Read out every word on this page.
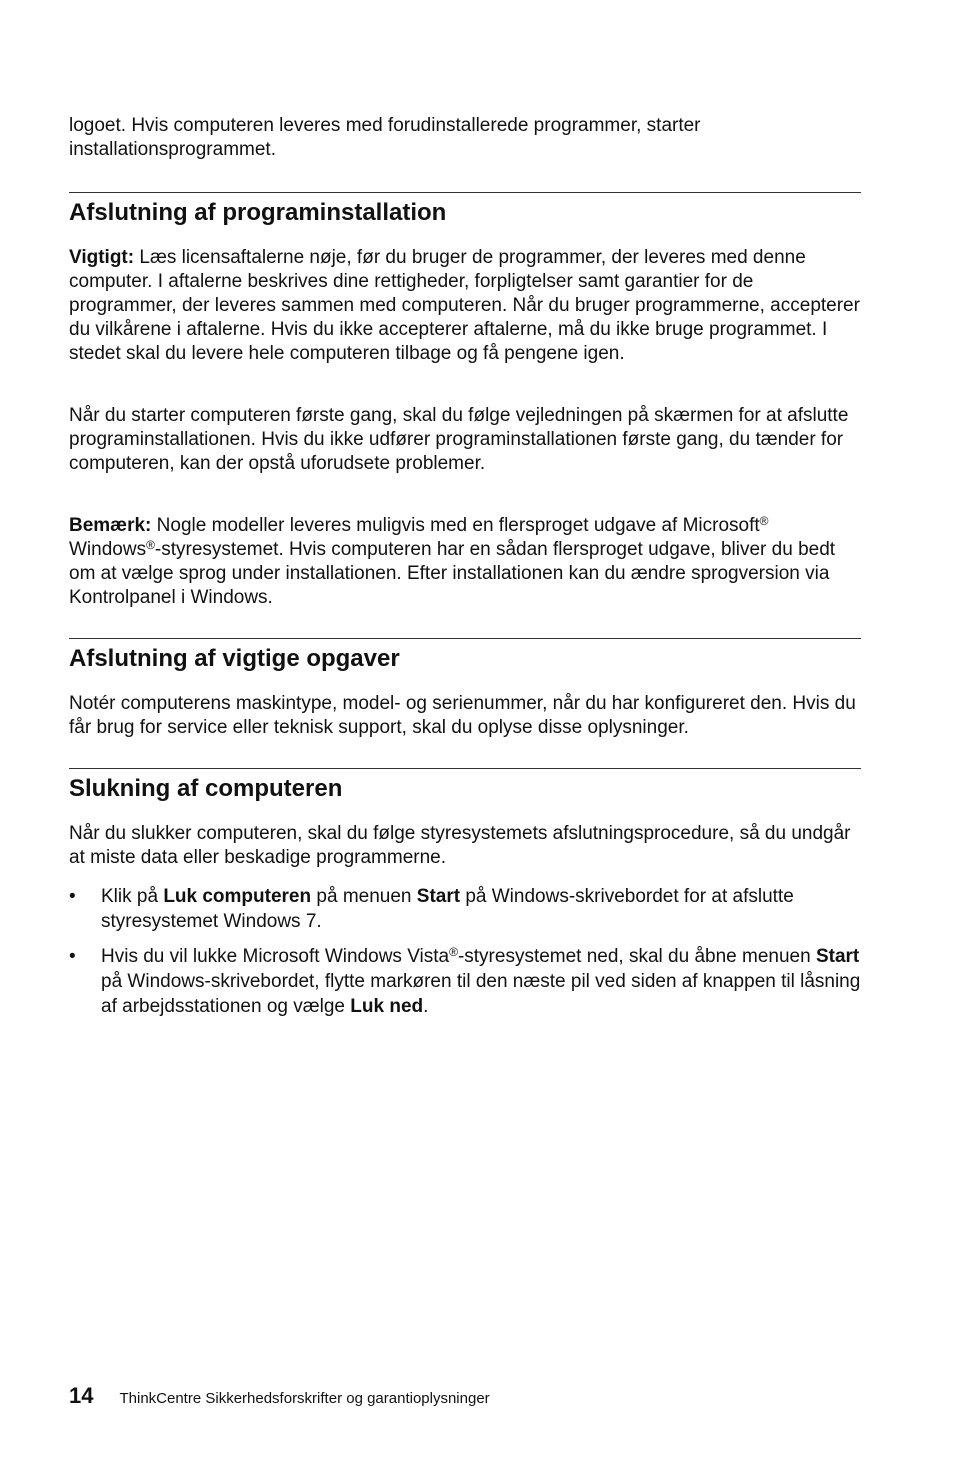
logoet. Hvis computeren leveres med forudinstallerede programmer, starter installationsprogrammet.

Afslutning af programinstallation

Vigtigt: Læs licensaftalerne nøje, før du bruger de programmer, der leveres med denne computer. I aftalerne beskrives dine rettigheder, forpligtelser samt garantier for de programmer, der leveres sammen med computeren. Når du bruger programmerne, accepterer du vilkårene i aftalerne. Hvis du ikke accepterer aftalerne, må du ikke bruge programmet. I stedet skal du levere hele computeren tilbage og få pengene igen.

Når du starter computeren første gang, skal du følge vejledningen på skærmen for at afslutte programinstallationen. Hvis du ikke udfører programinstallationen første gang, du tænder for computeren, kan der opstå uforudsete problemer.

Bemærk: Nogle modeller leveres muligvis med en flersproget udgave af Microsoft® Windows®-styresystemet. Hvis computeren har en sådan flersproget udgave, bliver du bedt om at vælge sprog under installationen. Efter installationen kan du ændre sprogversion via Kontrolpanel i Windows.

Afslutning af vigtige opgaver

Notér computerens maskintype, model- og serienummer, når du har konfigureret den. Hvis du får brug for service eller teknisk support, skal du oplyse disse oplysninger.

Slukning af computeren

Når du slukker computeren, skal du følge styresystemets afslutningsprocedure, så du undgår at miste data eller beskadige programmerne.

• Klik på Luk computeren på menuen Start på Windows-skrivebordet for at afslutte styresystemet Windows 7.
• Hvis du vil lukke Microsoft Windows Vista®-styresystemet ned, skal du åbne menuen Start på Windows-skrivebordet, flytte markøren til den næste pil ved siden af knappen til låsning af arbejdsstationen og vælge Luk ned.
14 ThinkCentre Sikkerhedsforskrifter og garantioplysninger
